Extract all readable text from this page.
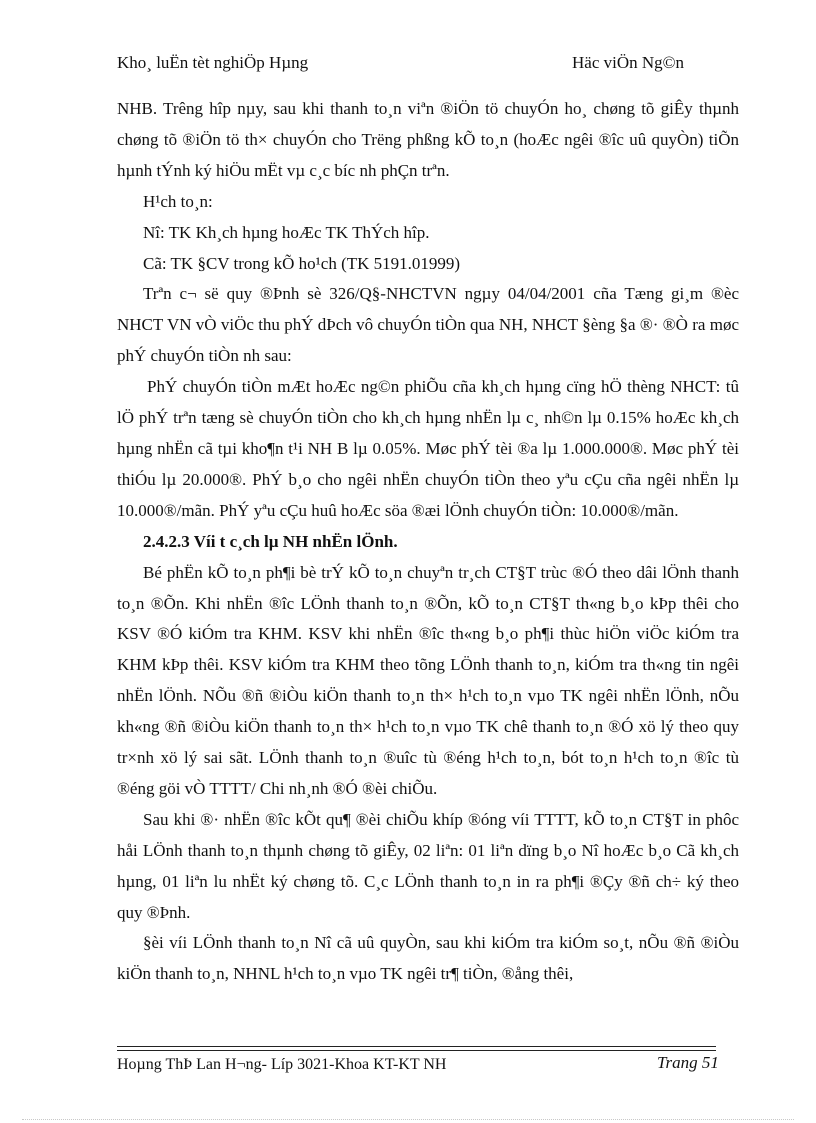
Kho¸ luËn tèt nghiÖp Hµng	Häc viÖn Ng©n

NHB. Trêng hîp nµy, sau khi thanh to¸n viªn ®iÖn tö chuyÓn ho¸ chøng tõ giÊy thµnh chøng tõ ®iÖn tö th× chuyÓn cho Trëng phßng kÕ to¸n (hoÆc ngêi ®îc uû quyÒn) tiÕn hµnh tÝnh ký hiÖu mËt vµ c¸c bíc nh phÇn trªn.

H¹ch to¸n:

Nî: TK Kh¸ch hµng hoÆc TK ThÝch hîp.

Cã: TK §CV trong kÕ ho¹ch (TK 5191.01999)

Trªn c¬ së quy ®Þnh sè 326/Q§-NHCTVN ngµy 04/04/2001 cña Tæng gi¸m ®èc NHCT VN vÒ viÖc thu phÝ dÞch vô chuyÓn tiÒn qua NH, NHCT §èng §a ®· ®Ò ra møc phÝ chuyÓn tiÒn nh sau:

PhÝ chuyÓn tiÒn mÆt hoÆc ng©n phiÕu cña kh¸ch hµng cïng hÖ thèng NHCT: tû lÖ phÝ trªn tæng sè chuyÓn tiÒn cho kh¸ch hµng nhËn lµ c¸ nh©n lµ 0.15% hoÆc kh¸ch hµng nhËn cã tµi kho¶n t¹i NH B lµ 0.05%. Møc phÝ tèi ®a lµ 1.000.000®. Møc phÝ tèi thiÓu lµ 20.000®. PhÝ b¸o cho ngêi nhËn chuyÓn tiÒn theo yªu cÇu cña ngêi nhËn lµ 10.000®/mãn. PhÝ yªu cÇu huû hoÆc söa ®æi lÖnh chuyÓn tiÒn: 10.000®/mãn.

2.4.2.3 Víi t c¸ch lµ NH nhËn lÖnh.

Bé phËn kÕ to¸n ph¶i bè trÝ kÕ to¸n chuyªn tr¸ch CT§T trùc ®Ó theo dâi lÖnh thanh to¸n ®Õn. Khi nhËn ®îc LÖnh thanh to¸n ®Õn, kÕ to¸n CT§T th«ng b¸o kÞp thêi cho KSV ®Ó kiÓm tra KHM. KSV khi nhËn ®îc th«ng b¸o ph¶i thùc hiÖn viÖc kiÓm tra KHM kÞp thêi. KSV kiÓm tra KHM theo tõng LÖnh thanh to¸n, kiÓm tra th«ng tin ngêi nhËn lÖnh. NÕu ®ñ ®iÒu kiÖn thanh to¸n th× h¹ch to¸n vµo TK ngêi nhËn lÖnh, nÕu kh«ng ®ñ ®iÒu kiÖn thanh to¸n th× h¹ch to¸n vµo TK chê thanh to¸n ®Ó xö lý theo quy tr×nh xö lý sai sãt. LÖnh thanh to¸n ®uîc tù ®éng h¹ch to¸n, bót to¸n h¹ch to¸n ®îc tù ®éng göi vÒ TTTT/ Chi nh¸nh ®Ó ®èi chiÕu.

Sau khi ®· nhËn ®îc kÕt qu¶ ®èi chiÕu khíp ®óng víi TTTT, kÕ to¸n CT§T in phôc håi LÖnh thanh to¸n thµnh chøng tõ giÊy, 02 liªn: 01 liªn dïng b¸o Nî hoÆc b¸o Cã kh¸ch hµng, 01 liªn lu nhËt ký chøng tõ. C¸c LÖnh thanh to¸n in ra ph¶i ®Çy ®ñ ch÷ ký theo quy ®Þnh.

§èi víi LÖnh thanh to¸n Nî cã uû quyÒn, sau khi kiÓm tra kiÓm so¸t, nÕu ®ñ ®iÒu kiÖn thanh to¸n, NHNL h¹ch to¸n vµo TK ngêi tr¶ tiÒn, ®ång thêi,

Hoµng ThÞ Lan H¬ng- Líp 3021-Khoa KT-KT NH	Trang 51
